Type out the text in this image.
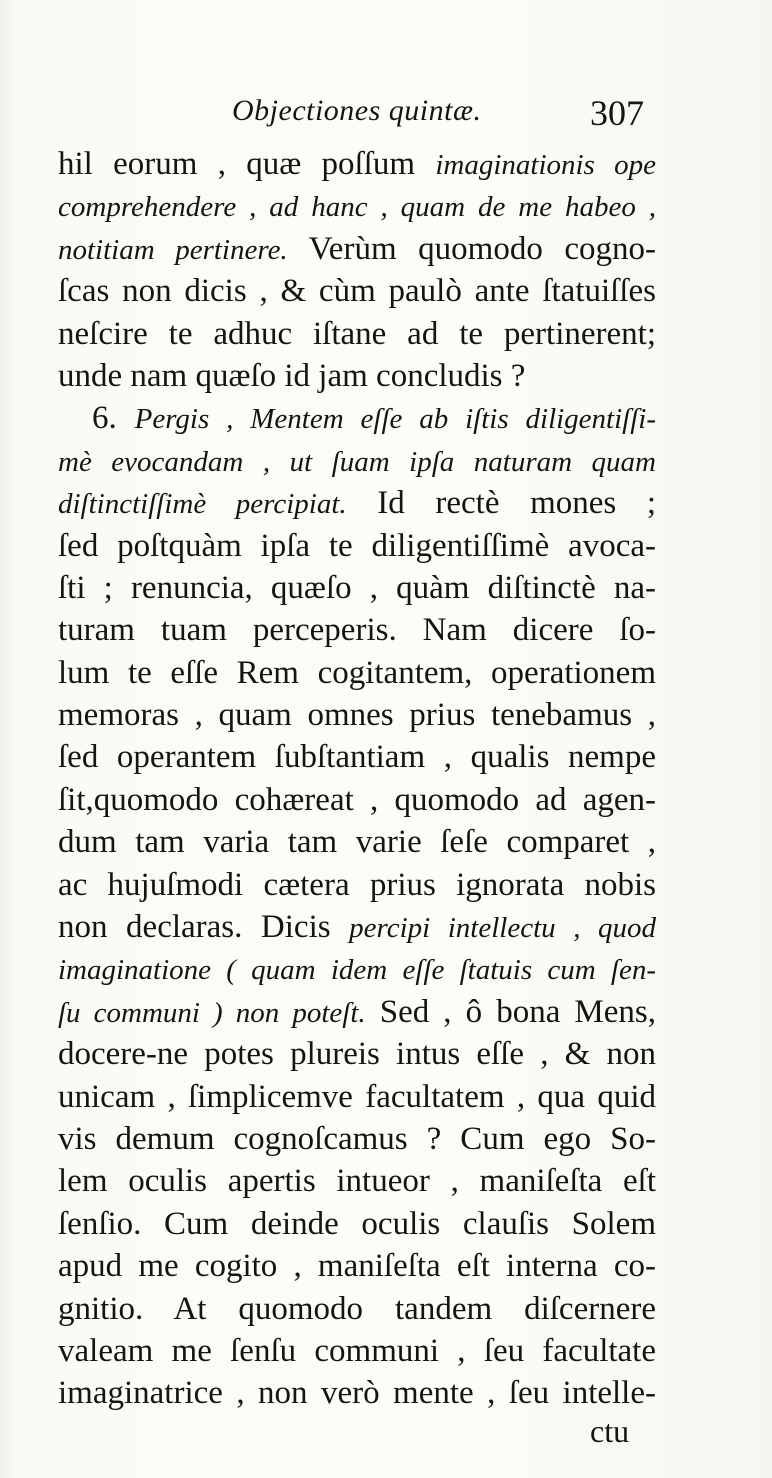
Objectiones quintæ.	307
hil eorum , quæ poſſum imaginationis ope
comprehendere , ad hanc , quam de me habeo ,
notitiam pertinere. Verùm quomodo cogno-
ſcas non dicis , & cùm paulò ante ſtatuiſſes
neſcire te adhuc iſtane ad te pertinerent;
unde nam quæſo id jam concludis ?
6. Pergis , Mentem eſſe ab iſtis diligentiſſi-
mè evocandam , ut ſuam ipſa naturam quam
diſtinctiſſimè percipiat. Id rectè mones ;
ſed poſtquàm ipſa te diligentiſſimè avoca-
ſti ; renuncia, quæſo , quàm diſtinctè na-
turam tuam perceperis. Nam dicere ſo-
lum te eſſe Rem cogitantem, operationem
memoras , quam omnes prius tenebamus ,
ſed operantem ſubſtantiam , qualis nempe
ſit,quomodo cohæreat , quomodo ad agen-
dum tam varia tam varie ſeſe comparet ,
ac hujuſmodi cætera prius ignorata nobis
non declaras. Dicis percipi intellectu , quod
imaginatione ( quam idem eſſe ſtatuis cum ſen-
ſu communi ) non poteſt. Sed , ô bona Mens,
docere-ne potes plureis intus eſſe , & non
unicam , ſimplicemve facultatem , qua quid
vis demum cognoſcamus ? Cum ego So-
lem oculis apertis intueor , maniſeſta eſt
ſenſio. Cum deinde oculis clauſis Solem
apud me cogito , maniſeſta eſt interna co-
gnitio. At quomodo tandem diſcernere
valeam me ſenſu communi , ſeu facultate
imaginatrice , non verò mente , ſeu intelle-
ctu
